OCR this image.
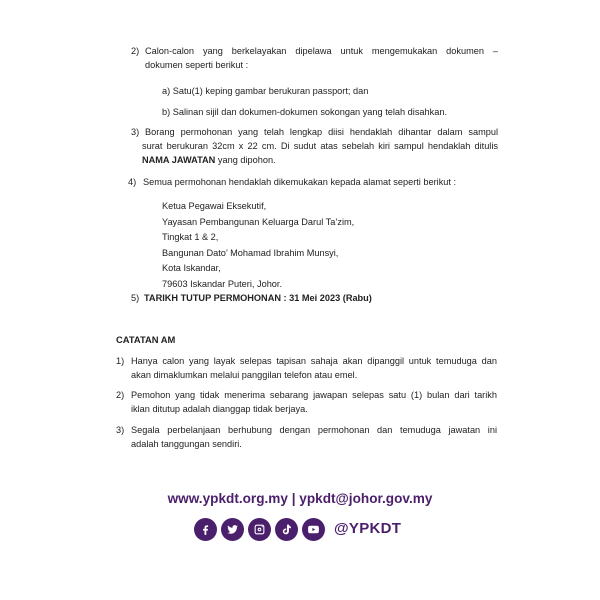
2) Calon-calon yang berkelayakan dipelawa untuk mengemukakan dokumen –

dokumen seperti berikut :

a) Satu(1) keping gambar berukuran passport; dan
b) Salinan sijil dan dokumen-dokumen sokongan yang telah disahkan.
3) Borang permohonan yang telah lengkap diisi hendaklah dihantar dalam sampul

surat berukuran 32cm x 22 cm. Di sudut atas sebelah kiri sampul hendaklah ditulis

NAMA JAWATAN yang dipohon.

4) Semua permohonan hendaklah dikemukakan kepada alamat seperti berikut :
Ketua Pegawai Eksekutif,
Yayasan Pembangunan Keluarga Darul Ta’zim,
Tingkat 1 & 2,
Bangunan Dato’ Mohamad Ibrahim Munsyi,
Kota Iskandar,
79603 Iskandar Puteri, Johor.
5) TARIKH TUTUP PERMOHONAN : 31 Mei 2023 (Rabu)
CATATAN AM
1) Hanya calon yang layak selepas tapisan sahaja akan dipanggil untuk temuduga dan

akan dimaklumkan melalui panggilan telefon atau emel.

2) Pemohon yang tidak menerima sebarang jawapan selepas satu (1) bulan dari tarikh

iklan ditutup adalah dianggap tidak berjaya.

3) Segala perbelanjaan berhubung dengan permohonan dan temuduga jawatan ini

adalah tanggungan sendiri.

www.ypkdt.org.my | ypkdt@johor.gov.my
@YPKDT
